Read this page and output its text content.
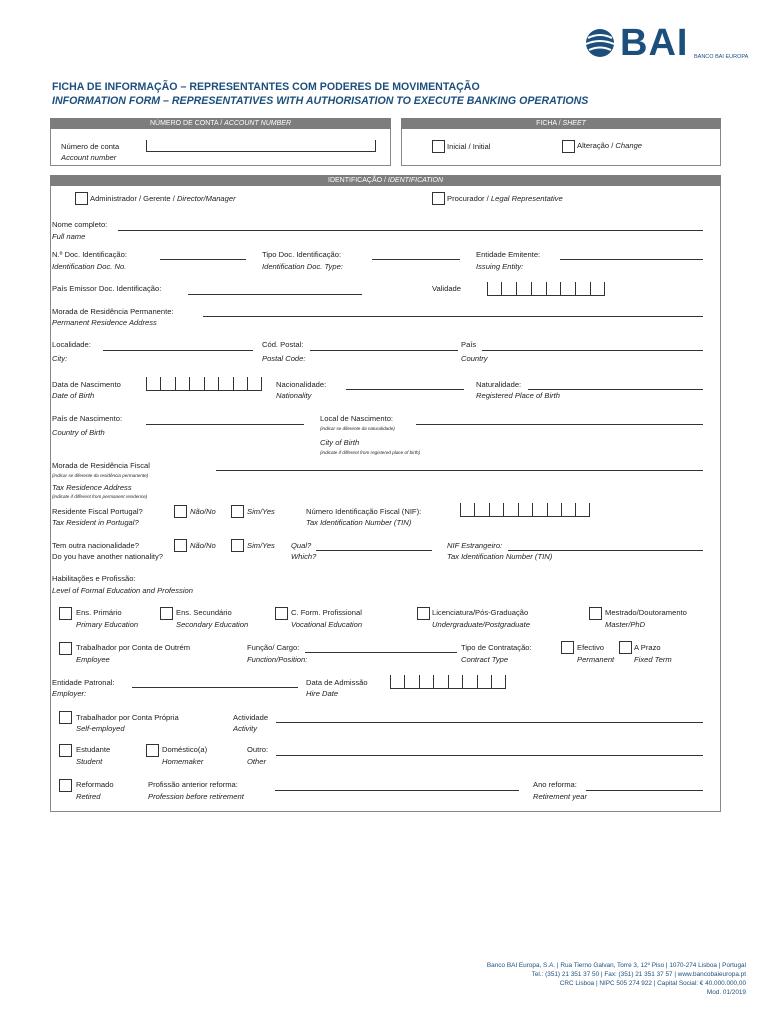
BAI BANCO BAI EUROPA
FICHA DE INFORMAÇÃO – REPRESENTANTES COM PODERES DE MOVIMENTAÇÃO
INFORMATION FORM – REPRESENTATIVES WITH AUTHORISATION TO EXECUTE BANKING OPERATIONS
NÚMERO DE CONTA / ACCOUNT NUMBER
Número de conta
Account number
FICHA / SHEET
Inicial / Initial	Alteração / Change
IDENTIFICAÇÃO / IDENTIFICATION
Administrador / Gerente / Director/Manager	Procurador / Legal Representative
Nome completo:
Full name
N.º Doc. Identificação:
Identification Doc. No.
Tipo Doc. Identificação:
Identification Doc. Type:
Entidade Emitente:
Issuing Entity:
País Emissor Doc. Identificação:	Validade
Morada de Residência Permanente:
Permanent Residence Address
Localidade:
City:
Cód. Postal:
Postal Code:
País
Country
Data de Nascimento
Date of Birth
Nacionalidade:
Nationality
Naturalidade:
Registered Place of Birth
País de Nascimento:
Country of Birth
Local de Nascimento:
(indicar se diferente da naturalidade)
City of Birth
(indicate if different from registered place of birth)
Morada de Residência Fiscal
(indicar se diferente da residência permanente)
Tax Residence Address
(indicate if different from permanent residence)
Residente Fiscal Portugal?
Tax Resident in Portugal?
Não/No	Sim/Yes	Número Identificação Fiscal (NIF):
Tax Identification Number (TIN)
Tem outra nacionalidade?
Do you have another nationality?
Não/No	Sim/Yes Qual?
Which?
NIF Estrangeiro:
Tax Identification Number (TIN)
Habilitações e Profissão:
Level of Formal Education and Profession
Ens. Primário
Primary Education
Ens. Secundário
Secondary Education
C. Form. Profissional
Vocational Education
Licenciatura/Pós-Graduação
Undergraduate/Postgraduate
Mestrado/Doutoramento
Master/PhD
Trabalhador por Conta de Outrém
Employee
Função/ Cargo:
Function/Position:
Tipo de Contratação:
Contract Type
Efectivo
Permanent
A Prazo
Fixed Term
Entidade Patronal:
Employer:
Data de Admissão
Hire Date
Trabalhador por Conta Própria
Self-employed
Actividade
Activity
Estudante
Student
Doméstico(a)
Homemaker
Outro:
Other
Reformado
Retired
Profissão anterior reforma:
Profession before retirement
Ano reforma:
Retirement year
Banco BAI Europa, S.A. | Rua Tierno Galvan, Torre 3, 12º Piso | 1070-274 Lisboa | Portugal
Tel.: (351) 21 351 37 50 | Fax: (351) 21 351 37 57 | www.bancobaieuropa.pt
CRC Lisboa | NIPC 505 274 922 | Capital Social: € 40.000.000,00
Mod. 01/2019
